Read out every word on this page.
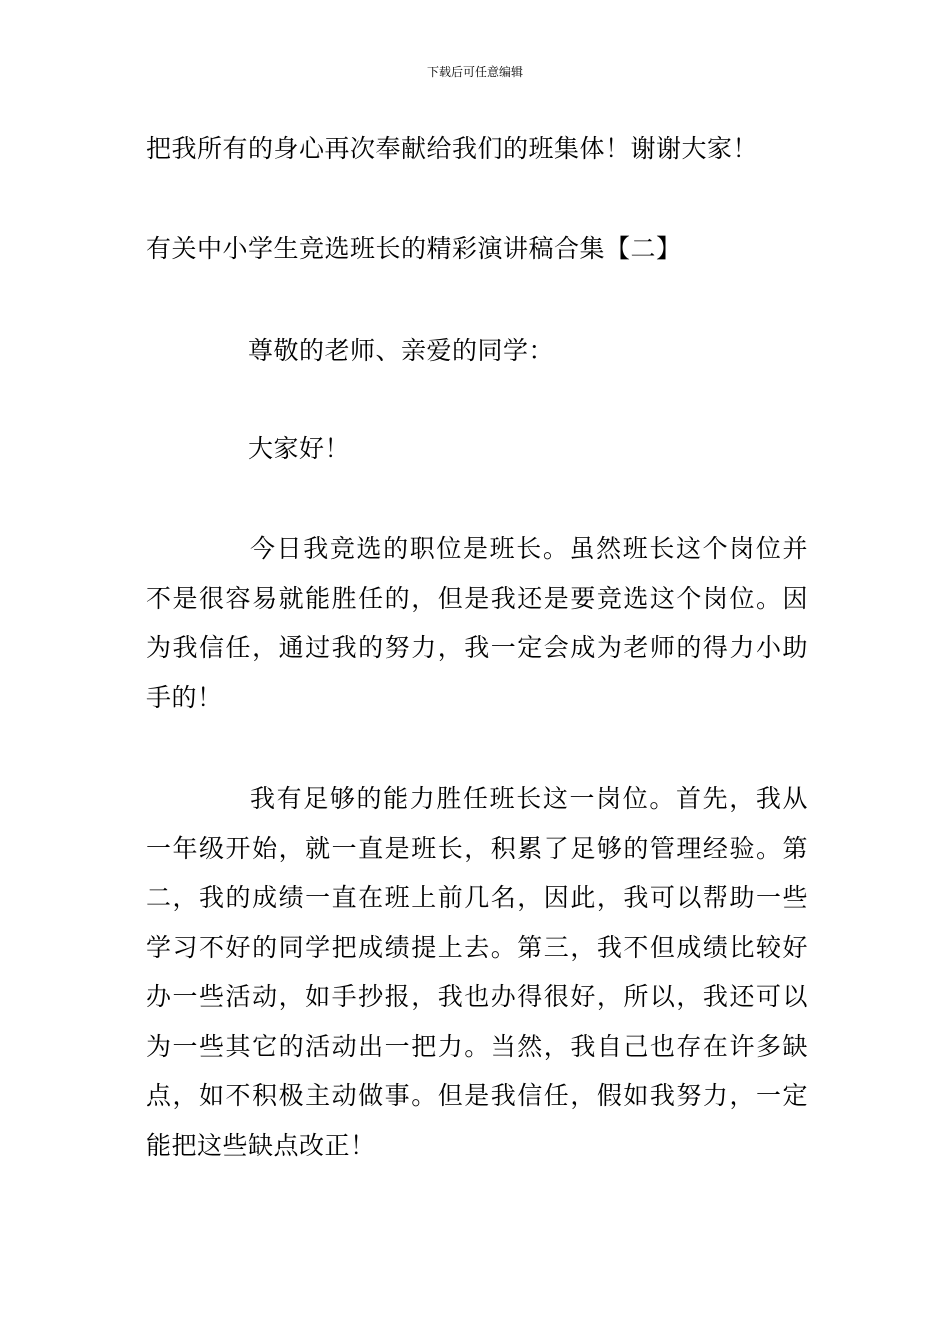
下载后可任意编辑
把我所有的身心再次奉献给我们的班集体！谢谢大家！
有关中小学生竞选班长的精彩演讲稿合集【二】
尊敬的老师、亲爱的同学：
大家好！
今日我竞选的职位是班长。虽然班长这个岗位并不是很容易就能胜任的，但是我还是要竞选这个岗位。因为我信任，通过我的努力，我一定会成为老师的得力小助手的！
我有足够的能力胜任班长这一岗位。首先，我从一年级开始，就一直是班长，积累了足够的管理经验。第二，我的成绩一直在班上前几名，因此，我可以帮助一些学习不好的同学把成绩提上去。第三，我不但成绩比较好办一些活动，如手抄报，我也办得很好，所以，我还可以为一些其它的活动出一把力。当然，我自己也存在许多缺点，如不积极主动做事。但是我信任，假如我努力，一定能把这些缺点改正！
